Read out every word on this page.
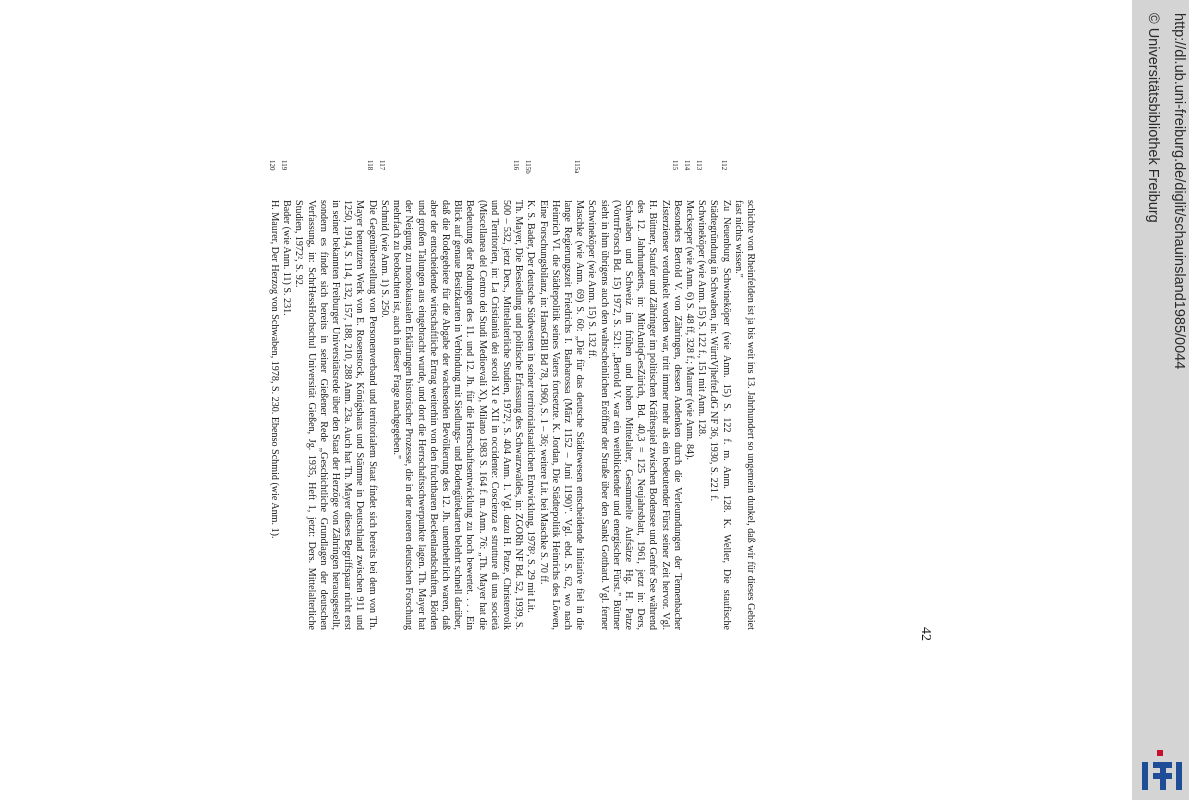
schichte von Rheinfelden ist ja bis weit ins 13. Jahrhundert so ungemein dunkel, daß wir für dieses Gebiet fast nichts wissen."
112
Zu Neuenburg Schwineköper (wie Anm. 15) S. 122 f. m. Anm. 128. K. Weller, Die staufische Städtegründung in Schwaben, in: WürttVjhefteLdG NF 36, 1930, S. 221 f.
113
Schwineköper (wie Anm. 15) S. 122 f., 151 mit Anm. 128.
114
Meckseper (wie Anm. 6) S. 48 ff, 328 f.; Maurer (wie Anm. 84).
115
Besonders Bertold V. von Zähringen, dessen Andenken durch die Verleumdungen der Tennenbacher Zisterzienser verdunkelt worden war, tritt immer mehr als ein bedeutender Fürst seiner Zeit hervor. Vgl. H. Büttner, Staufer und Zähringer im politischen Kräftespiel zwischen Bodensee und Genfer See während des 12. Jahrhunderts, in: MittAntiqGesZürich, Bd. 40,3 = 125 Neujahrsblatt, 1961, jetzt in: Ders, Schwaben und Schweiz im frühen und hohen Mittelalter, Gesammelte Aufsätze Hg. H. Patze (VortrrForsch Bd. 15) 1972, S. 521: „Bertold V. war ein weitblickender und energischer Fürst." Büttner sieht in ihm übrigens auch den wahrscheinlichen Eröffner der Straße über den Sankt Gotthard. Vgl. ferner Schwineköper (wie Anm. 15) S. 132 ff.
115a
Maschke (wie Anm. 69) S. 60: „Die für das deutsche Städtewesen entscheidende Initiative fiel in die lange Regierungszeit Friedrichs I. Barbarossa (März 1152 – Juni 1190)". Vgl. ebd. S. 62, wo nach Heinrich VI. die Städtepolitik seines Vaters fortsetzte. K. Jordan, Die Städtepolitik Heinrichs des Löwen, Eine Forschungsbilanz, in: HansGBll Bd 78, 1960, S. 1 – 36; weitere Lit. bei Maschke S. 70 ff.
115b
K. S. Bader, Der deutsche Südwesten in seiner territorialstaatlichen Entwicklung, 1978², S. 29 mit Lit.
116
Th. Mayer, Die Besiedlung und politische Erfassung des Schwarzwaldes, in: ZGORh NF Bd. 52, 1939, S. 500 – 532, jetzt Ders., Mittelalterliche Studien, 1972², S. 404 Anm. 1. Vgl. dazu H. Patze, Christenvolk und Territorien, in: La Cristianità dei secoli XI e XII in occidente: Coscienza e strutture di una società (Miscellanea del Centro dei Studi Medioevali X), Milano 1983 S. 164 f. m. Anm. 76: „Th. Mayer hat die Bedeutung der Rodungen des 11. und 12. Jh. für die Herrschaftsentwicklung zu hoch bewertet. . . . Ein Blick auf genaue Besitzkarten in Verbindung mit Siedlungs- und Bodengütekarten belehrt schnell darüber, daß die Rodegebiete für die Abgabe der wachsenden Bevölkerung des 12. Jh. unentbehrlich waren, daß aber der entscheidende wirtschaftliche Ertrag weiterhin von den fruchtbaren Beckenlandschaften, Börden und großen Talungen aus eingebracht wurde, und dort die Herrschaftsschwerpunkte lagen. Th. Mayer hat der Neigung zu monokausalen Erklärungen historischer Prozesse, die in der neueren deutschen Forschung mehrfach zu beobachten ist, auch in dieser Frage nachgegeben."
117
Schmid (wie Anm. 1) S. 250.
118
Die Gegenüberstellung von Personenverband und territorialem Staat findet sich bereits bei dem von Th. Mayer benutzten Werk von E. Rosenstock, Königshaus und Stämme in Deutschland zwischen 911 und 1250, 1914, S. 114, 132, 157, 188, 210, 288 Anm. 23a. Auch hat Th. Mayer dieses Begriffspaar nicht erst in seiner bekannten Freiburger Universitätsrede über den Staat der Herzöge von Zähringen herausgestellt, sondern es findet sich bereits in seiner Gießener Rede „Geschichtliche Grundlagen der deutschen Verfassung, in: SchrHessHochschul Universität Gießen, Jg. 1935, Heft 1, jetzt: Ders. Mittelalterliche Studien, 1972², S. 92.
119
Bader (wie Anm. 11) S. 231.
120
H. Maurer, Der Herzog von Schwaben, 1978, S. 230. Ebenso Schmid (wie Anm. 1).
42
http://dl.ub.uni-freiburg.de/diglit/schauinsland1985/0044
© Universitätsbibliothek Freiburg
